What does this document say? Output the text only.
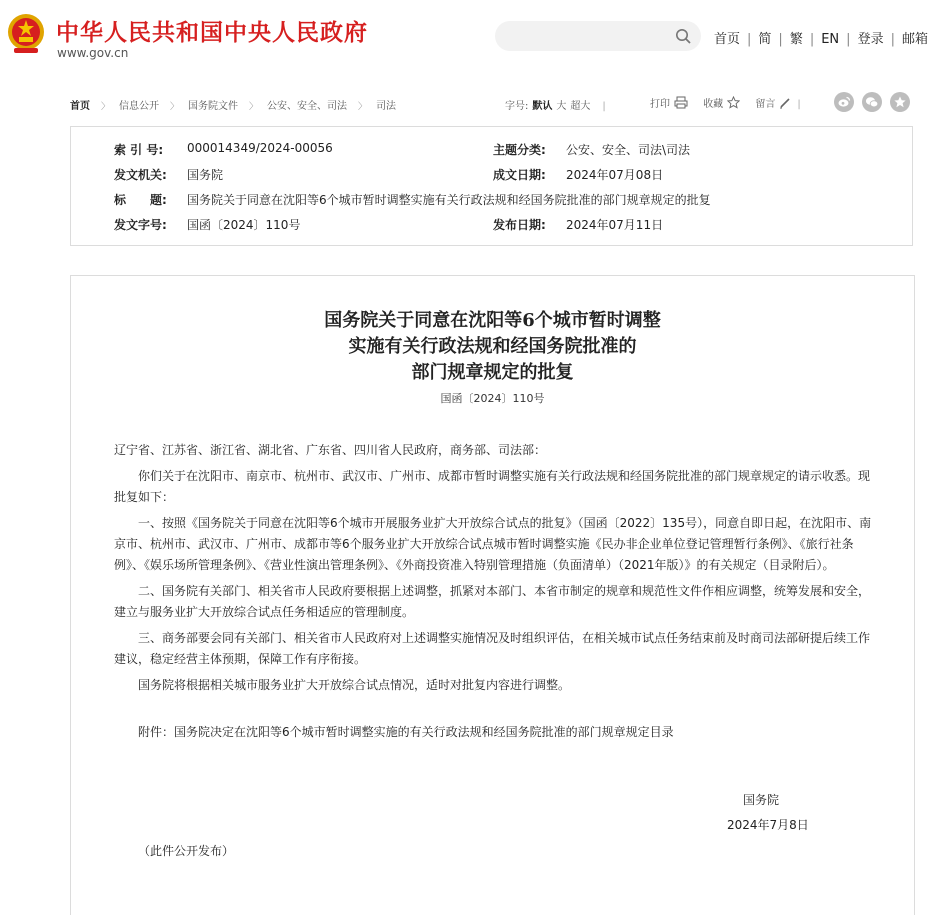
中华人民共和国中央人民政府
www.gov.cn
首页 | 简 | 繁 | EN | 登录 | 邮箱
首页 〉 信息公开 〉 国务院文件 〉 公安、安全、司法 〉 司法	字号: 默认 大 超大 |	打印
	收藏
	留言 |
索 引 号: 000014349/2024-00056	主题分类: 公安、安全、司法\司法
发文机关: 国务院	成文日期: 2024年07月08日
标　　题: 国务院关于同意在沈阳等6个城市暂时调整实施有关行政法规和经国务院批准的部门规章规定的批复
发文字号: 国函〔2024〕110号	发布日期: 2024年07月11日
国务院关于同意在沈阳等6个城市暂时调整
实施有关行政法规和经国务院批准的
部门规章规定的批复
国函〔2024〕110号

辽宁省、江苏省、浙江省、湖北省、广东省、四川省人民政府，商务部、司法部：

你们关于在沈阳市、南京市、杭州市、武汉市、广州市、成都市暂时调整实施有关行政法规和经国务院批准的部门规章规定的请示收悉。现批复如下：

一、按照《国务院关于同意在沈阳等6个城市开展服务业扩大开放综合试点的批复》（国函〔2022〕135号），同意自即日起，在沈阳市、南京市、杭州市、武汉市、广州市、成都市等6个服务业扩大开放综合试点城市暂时调整实施《民办非企业单位登记管理暂行条例》、《旅行社条例》、《娱乐场所管理条例》、《营业性演出管理条例》、《外商投资准入特别管理措施（负面清单）（2021年版）》的有关规定（目录附后）。

二、国务院有关部门、相关省市人民政府要根据上述调整，抓紧对本部门、本省市制定的规章和规范性文件作相应调整，统筹发展和安全，建立与服务业扩大开放综合试点任务相适应的管理制度。

三、商务部要会同有关部门、相关省市人民政府对上述调整实施情况及时组织评估，在相关城市试点任务结束前及时商司法部研提后续工作建议，稳定经营主体预期，保障工作有序衔接。

国务院将根据相关城市服务业扩大开放综合试点情况，适时对批复内容进行调整。

附件：国务院决定在沈阳等6个城市暂时调整实施的有关行政法规和经国务院批准的部门规章规定目录

国务院
2024年7月8日
（此件公开发布）
